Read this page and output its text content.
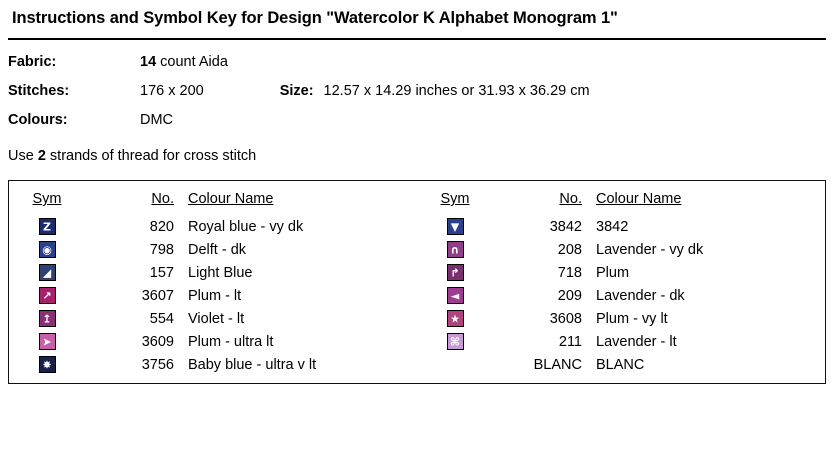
Instructions and Symbol Key for Design "Watercolor K Alphabet Monogram 1"
Fabric:	14 count Aida
Stitches:	176 x 200	Size: 12.57 x 14.29 inches or 31.93 x 36.29 cm
Colours:	DMC
Use 2 strands of thread for cross stitch
Sym	No.	Colour Name

Z	820	Royal blue - vy dk

◉	798	Delft - dk

◢	157	Light Blue

↗	3607	Plum - lt

↥	554	Violet - lt

➤	3609	Plum - ultra lt

✸	3756	Baby blue - ultra v lt
Sym	No.	Colour Name

▼	3842	3842

∩	208	Lavender - vy dk

↱	718	Plum

◄	209	Lavender - dk

★	3608	Plum - vy lt

⌘	211	Lavender - lt
	BLANC	BLANC
